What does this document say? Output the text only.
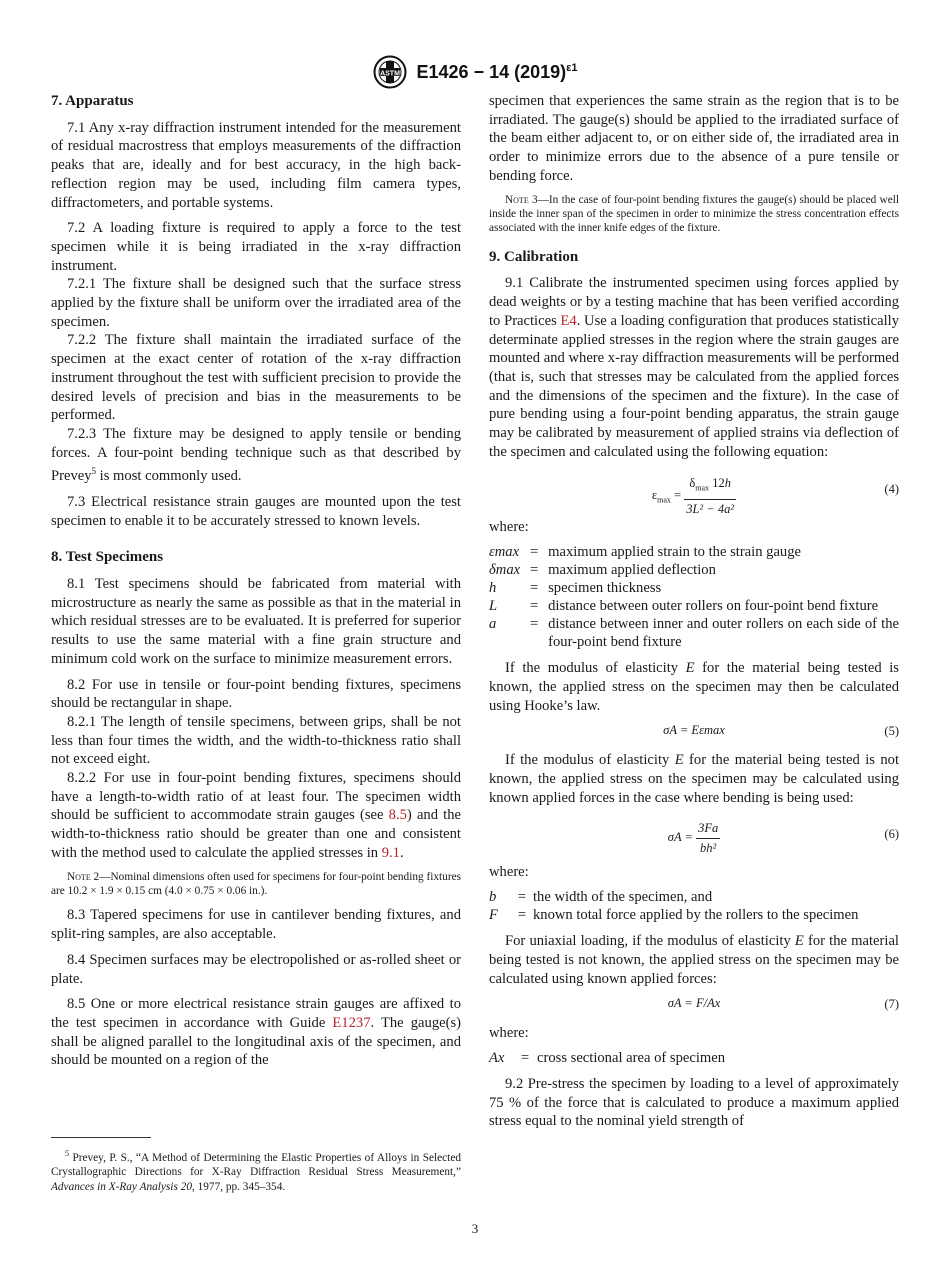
ASTM E1426 − 14 $(2019)^{\varepsilon 1}$
7. Apparatus

7.1 Any x-ray diffraction instrument intended for the measurement of residual macrostress that employs measurements of the diffraction peaks that are, ideally and for best accuracy, in the high back-reflection region may be used, including film camera types, diffractometers, and portable systems.

7.2 A loading fixture is required to apply a force to the test specimen while it is being irradiated in the x-ray diffraction instrument.

7.2.1 The fixture shall be designed such that the surface stress applied by the fixture shall be uniform over the irradiated area of the specimen.

7.2.2 The fixture shall maintain the irradiated surface of the specimen at the exact center of rotation of the x-ray diffraction instrument throughout the test with sufficient precision to provide the desired levels of precision and bias in the measurements to be performed.

7.2.3 The fixture may be designed to apply tensile or bending forces. A four-point bending technique such as that described by Prevey$^5$ is most commonly used.

7.3 Electrical resistance strain gauges are mounted upon the test specimen to enable it to be accurately stressed to known levels.

8. Test Specimens

8.1 Test specimens should be fabricated from material with microstructure as nearly the same as possible as that in the material in which residual stresses are to be evaluated. It is preferred for superior results to use the same material with a fine grain structure and minimum cold work on the surface to minimize measurement errors.

8.2 For use in tensile or four-point bending fixtures, specimens should be rectangular in shape.

8.2.1 The length of tensile specimens, between grips, shall be not less than four times the width, and the width-to-thickness ratio shall not exceed eight.

8.2.2 For use in four-point bending fixtures, specimens should have a length-to-width ratio of at least four. The specimen width should be sufficient to accommodate strain gauges (see 8.5) and the width-to-thickness ratio should be greater than one and consistent with the method used to calculate the applied stresses in 9.1.

Note 2—Nominal dimensions often used for specimens for four-point bending fixtures are 10.2 × 1.9 × 0.15 cm (4.0 × 0.75 × 0.06 in.).

8.3 Tapered specimens for use in cantilever bending fixtures, and split-ring samples, are also acceptable.

8.4 Specimen surfaces may be electropolished or as-rolled sheet or plate.

8.5 One or more electrical resistance strain gauges are affixed to the test specimen in accordance with Guide E1237. The gauge(s) shall be aligned parallel to the longitudinal axis of the specimen, and should be mounted on a region of the

$^5$ Prevey, P. S., “A Method of Determining the Elastic Properties of Alloys in Selected Crystallographic Directions for X-Ray Diffraction Residual Stress Measurement,” Advances in X-Ray Analysis 20, 1977, pp. 345–354.

specimen that experiences the same strain as the region that is to be irradiated. The gauge(s) should be applied to the irradiated surface of the beam either adjacent to, or on either side of, the irradiated area in order to minimize errors due to the absence of a pure tensile or bending force.

Note 3—In the case of four-point bending fixtures the gauge(s) should be placed well inside the inner span of the specimen in order to minimize the stress concentration effects associated with the inner knife edges of the fixture.
9. Calibration

9.1 Calibrate the instrumented specimen using forces applied by dead weights or by a testing machine that has been verified according to Practices E4. Use a loading configuration that produces statistically determinate applied stresses in the region where the strain gauges are mounted and where x-ray diffraction measurements will be performed (that is, such that stresses may be calculated from the applied forces and the dimensions of the specimen and the fixture). In the case of pure bending using a four-point bending apparatus, the strain gauge may be calibrated by measurement of applied strains via deflection of the specimen and calculated using the following equation:

$\varepsilon_{max} = \frac{\delta_{max} 12h}{\text{3L² − 4a²}}$	(4)

where:

εmax	=	maximum applied strain to the strain gauge
δmax	=	maximum applied deflection
h	=	specimen thickness
L	=	distance between outer rollers on four-point bend fixture
a	=	distance between inner and outer rollers on each side of the four-point bend fixture

If the modulus of elasticity E for the material being tested is known, the applied stress on the specimen may then be calculated using Hooke’s law.

σA = Eεmax	(5)

If the modulus of elasticity E for the material being tested is not known, the applied stress on the specimen may be calculated using known applied forces in the case where bending is being used:

$\sigma A = \frac{3Fa}{\text{bh²}}$	(6)

where:

b	=	the width of the specimen, and
F	=	known total force applied by the rollers to the specimen

For uniaxial loading, if the modulus of elasticity E for the material being tested is not known, the applied stress on the specimen may be calculated using known applied forces:

σA = F/Ax	(7)

where:

Ax	=	cross sectional area of specimen

9.2 Pre-stress the specimen by loading to a level of approximately 75 % of the force that is calculated to produce a maximum applied stress equal to the nominal yield strength of

3
